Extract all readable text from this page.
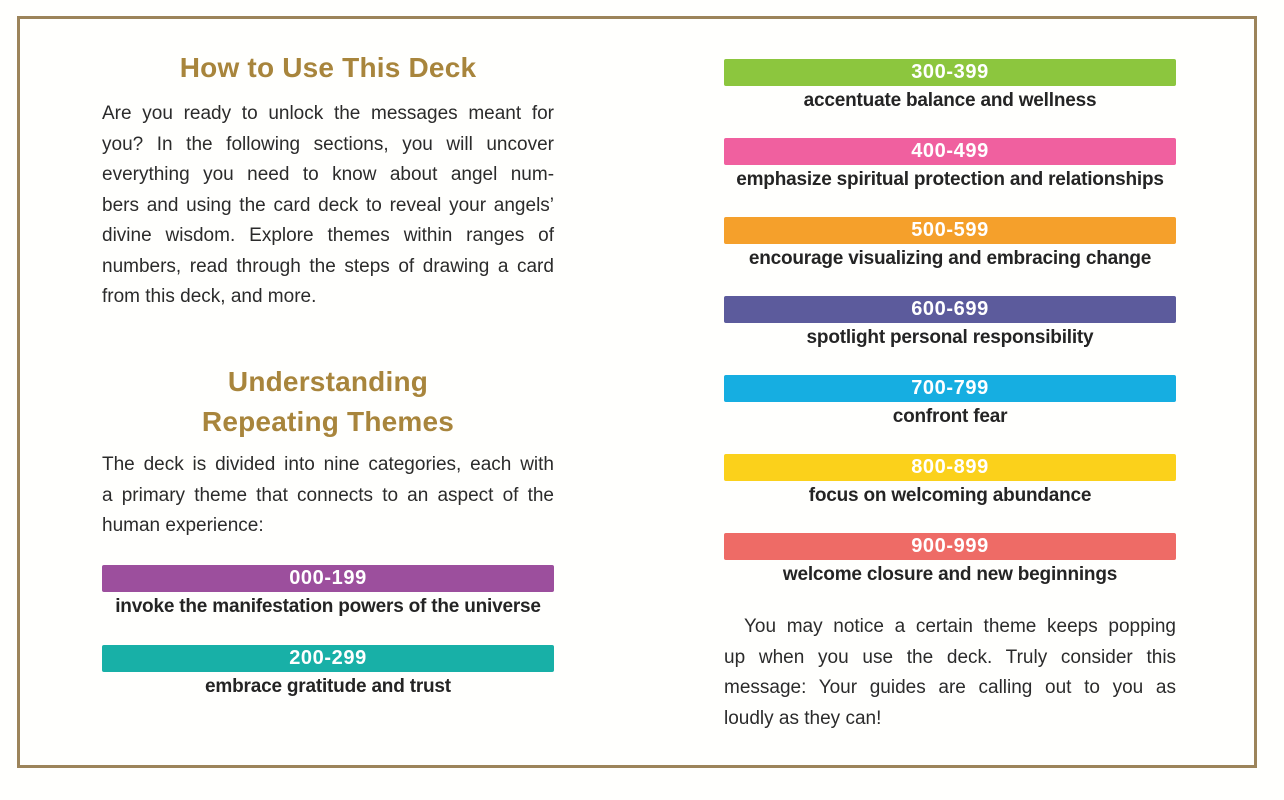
How to Use This Deck
Are you ready to unlock the messages meant for
you? In the following sections, you will uncover
everything you need to know about angel num-
bers and using the card deck to reveal your angels’
divine wisdom. Explore themes within ranges of
numbers, read through the steps of drawing a card
from this deck, and more.
Understanding
Repeating Themes
The deck is divided into nine categories, each with
a primary theme that connects to an aspect of the
human experience:
000-199
invoke the manifestation powers of the universe
200-299
embrace gratitude and trust
300-399
accentuate balance and wellness
400-499
emphasize spiritual protection and relationships
500-599
encourage visualizing and embracing change
600-699
spotlight personal responsibility
700-799
confront fear
800-899
focus on welcoming abundance
900-999
welcome closure and new beginnings
You may notice a certain theme keeps popping
up when you use the deck. Truly consider this
message: Your guides are calling out to you as
loudly as they can!
